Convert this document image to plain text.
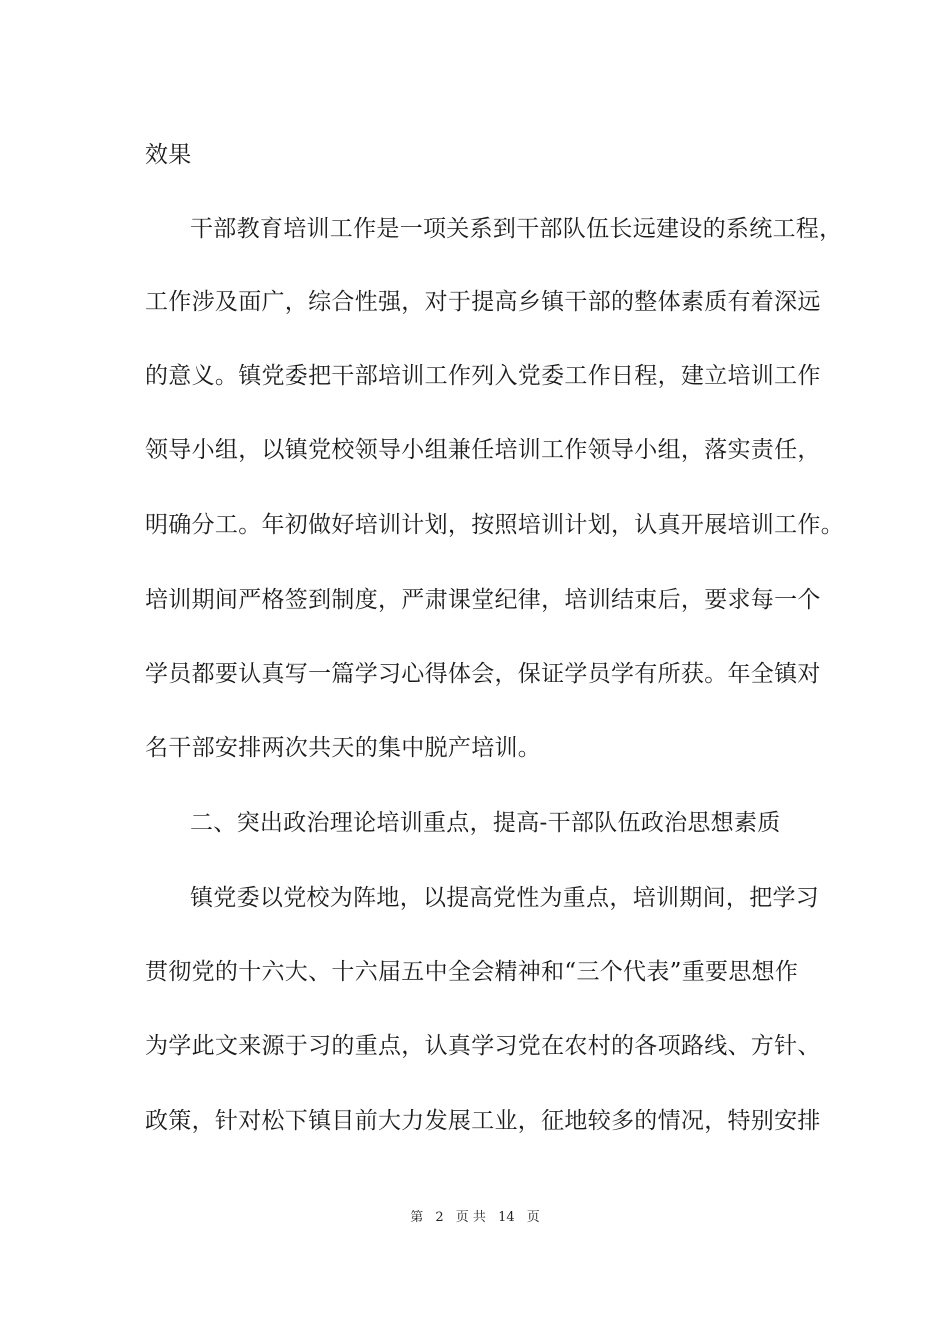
效果
干部教育培训工作是一项关系到干部队伍长远建设的系统工程，
工作涉及面广，综合性强，对于提高乡镇干部的整体素质有着深远
的意义。镇党委把干部培训工作列入党委工作日程，建立培训工作
领导小组，以镇党校领导小组兼任培训工作领导小组，落实责任，
明确分工。年初做好培训计划，按照培训计划，认真开展培训工作。
培训期间严格签到制度，严肃课堂纪律，培训结束后，要求每一个
学员都要认真写一篇学习心得体会，保证学员学有所获。年全镇对
名干部安排两次共天的集中脱产培训。
二、突出政治理论培训重点，提高-干部队伍政治思想素质
镇党委以党校为阵地，以提高党性为重点，培训期间，把学习
贯彻党的十六大、十六届五中全会精神和“三个代表”重要思想作
为学此文来源于习的重点，认真学习党在农村的各项路线、方针、
政策，针对松下镇目前大力发展工业，征地较多的情况，特别安排
第 2 页 共 14 页
